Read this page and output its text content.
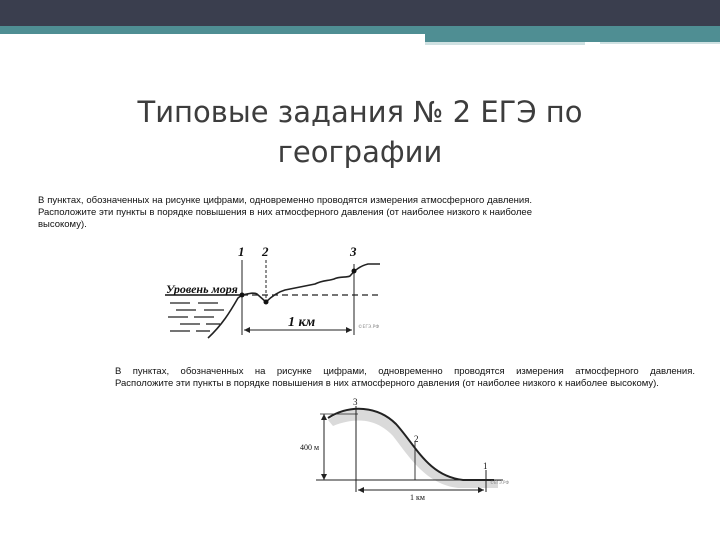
Типовые задания № 2 ЕГЭ по географии
В пунктах, обозначенных на рисунке цифрами, одновременно проводятся измерения атмосферного давления.
Расположите эти пункты в порядке повышения в них атмосферного давления (от наиболее низкого к наиболее высокому).
Уровень моря
1 2	3
1 км	©ЕГЭ.РФ
В пунктах, обозначенных на рисунке цифрами, одновременно проводятся измерения атмосферного давления.
Расположите эти пункты в порядке повышения в них атмосферного давления (от наиболее низкого к наиболее высокому).
400 м
3
2
1
1 км
©ЕГЭ.РФ
